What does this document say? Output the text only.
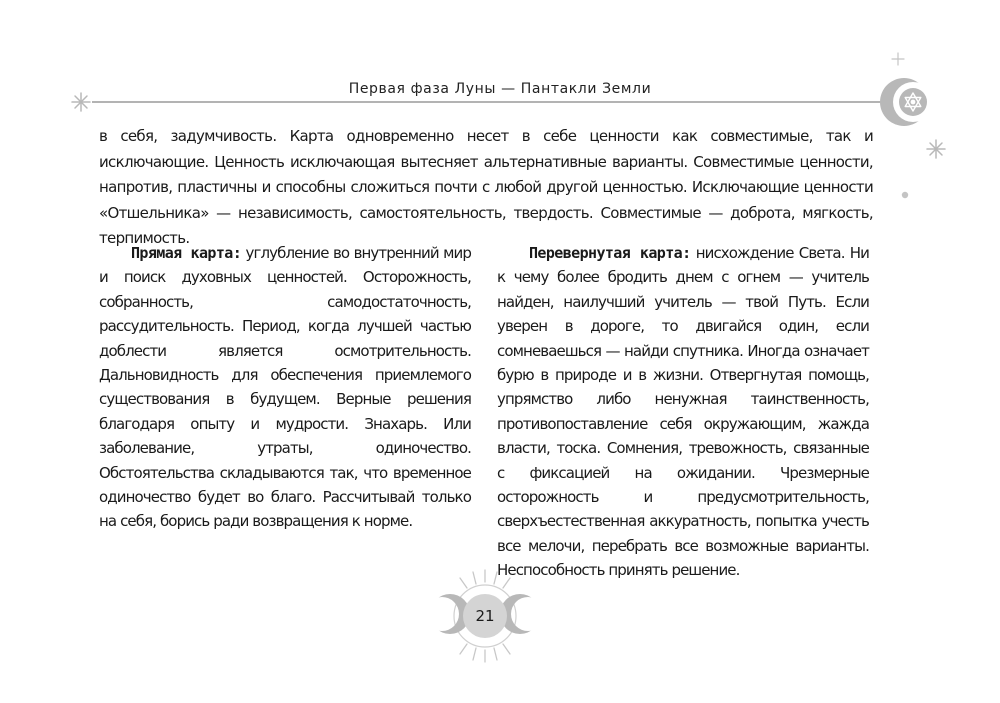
Первая фаза Луны — Пантакли Земли

в себя, задумчивость. Карта одновременно несет в себе ценности как совместимые, так и исключающие. Ценность исключающая вытесняет альтернативные варианты. Совместимые ценности, напротив, пластичны и способны сложиться почти с любой другой ценностью. Исключающие ценности «Отшельника» — независимость, самостоятельность, твердость. Совместимые — доброта, мягкость, терпимость.

Прямая карта: углубление во внутренний мир и поиск духовных ценностей. Осторожность, собранность, самодостаточность, рассудительность. Период, когда лучшей частью доблести является осмотрительность. Дальновидность для обеспечения приемлемого существования в будущем. Верные решения благодаря опыту и мудрости. Знахарь. Или заболевание, утраты, одиночество. Обстоятельства складываются так, что временное одиночество будет во благо. Рассчитывай только на себя, борись ради возвращения к норме.

Перевернутая карта: нисхождение Света. Ни к чему более бродить днем с огнем — учитель найден, наилучший учитель — твой Путь. Если уверен в дороге, то двигайся один, если сомневаешься — найди спутника. Иногда означает бурю в природе и в жизни. Отвергнутая помощь, упрямство либо ненужная таинственность, противопоставление себя окружающим, жажда власти, тоска. Сомнения, тревожность, связанные с фиксацией на ожидании. Чрезмерные осторожность и предусмотрительность, сверхъестественная аккуратность, попытка учесть все мелочи, перебрать все возможные варианты. Неспособность принять решение.

21
